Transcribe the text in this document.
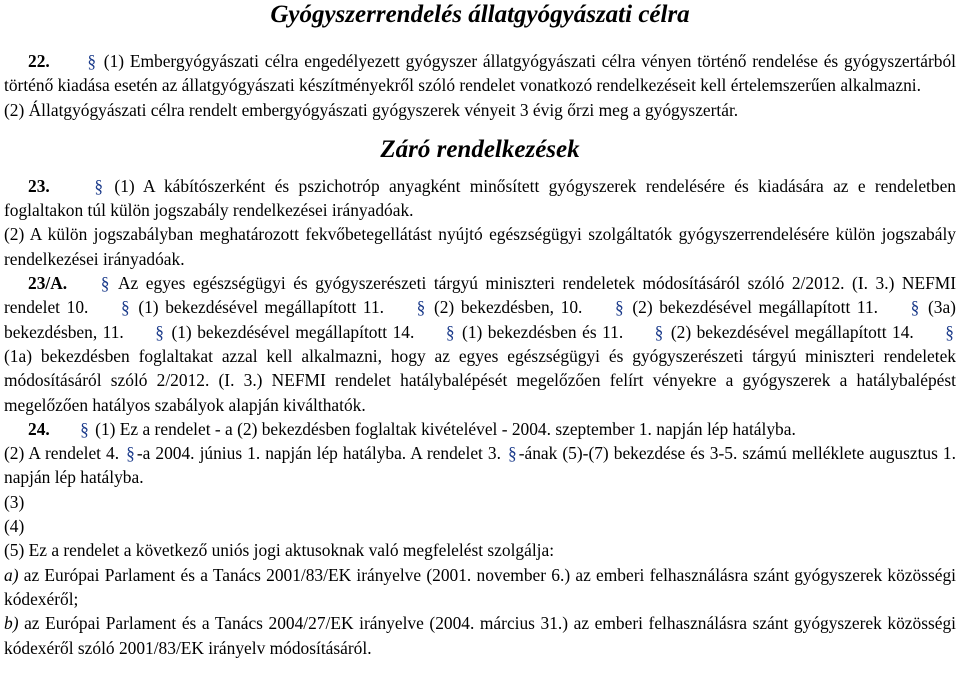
Gyógyszerrendelés állatgyógyászati célra

22. § (1) Embergyógyászati célra engedélyezett gyógyszer állatgyógyászati célra vényen történő rendelése és gyógyszertárból történő kiadása esetén az állatgyógyászati készítményekről szóló rendelet vonatkozó rendelkezéseit kell értelemszerűen alkalmazni.

(2) Állatgyógyászati célra rendelt embergyógyászati gyógyszerek vényeit 3 évig őrzi meg a gyógyszertár.

Záró rendelkezések

23.	§ (1) A kábítószerként és pszichotróp anyagként minősített gyógyszerek rendelésére és kiadására az e rendeletben foglaltakon túl külön jogszabály rendelkezései irányadóak.

(2) A külön jogszabályban meghatározott fekvőbetegellátást nyújtó egészségügyi szolgáltatók gyógyszerrendelésére külön jogszabály rendelkezései irányadóak.

23/A. § Az egyes egészségügyi és gyógyszerészeti tárgyú miniszteri rendeletek módosításáról szóló 2/2012. (I. 3.) NEFMI rendelet 10. § (1) bekezdésével megállapított 11. § (2) bekezdésben, 10. § (2) bekezdésével megállapított 11. § (3a) bekezdésben, 11. § (1) bekezdésével megállapított 14. § (1) bekezdésben és 11. § (2) bekezdésével megállapított 14. § (1a) bekezdésben foglaltakat azzal kell alkalmazni, hogy az egyes egészségügyi és gyógyszerészeti tárgyú miniszteri rendeletek módosításáról szóló 2/2012. (I. 3.) NEFMI rendelet hatálybalépését megelőzően felírt vényekre a gyógyszerek a hatálybalépést megelőzően hatályos szabályok alapján kiválthatók.

24. § (1) Ez a rendelet - a (2) bekezdésben foglaltak kivételével - 2004. szeptember 1. napján lép hatályba.

(2) A rendelet 4. § -a 2004. június 1. napján lép hatályba. A rendelet 3. § -ának (5)-(7) bekezdése és 3-5. számú melléklete augusztus 1. napján lép hatályba.

(3)

(4)

(5) Ez a rendelet a következő uniós jogi aktusoknak való megfelelést szolgálja:

a) az Európai Parlament és a Tanács 2001/83/EK irányelve (2001. november 6.) az emberi felhasználásra szánt gyógyszerek közösségi kódexéről;

b) az Európai Parlament és a Tanács 2004/27/EK irányelve (2004. március 31.) az emberi felhasználásra szánt gyógyszerek közösségi kódexéről szóló 2001/83/EK irányelv módosításáról.
